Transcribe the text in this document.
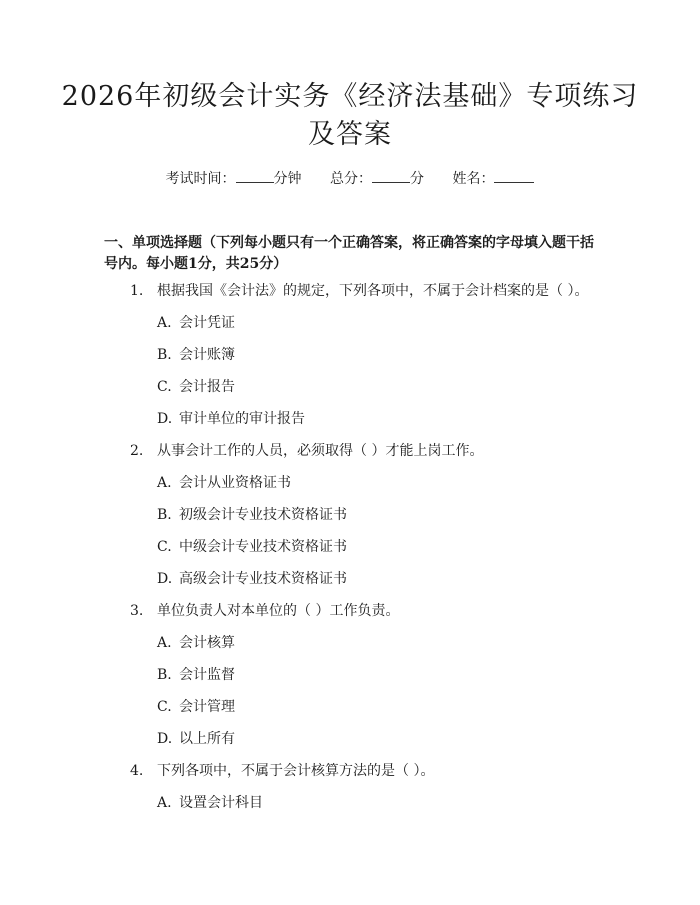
2026年初级会计实务《经济法基础》专项练习及答案
考试时间：	分钟 总分：	分 姓名：

一、单项选择题（下列每小题只有一个正确答案，将正确答案的字母填入题干括号内。每小题1分，共25分）

1. 根据我国《会计法》的规定，下列各项中，不属于会计档案的是（ ）。
A. 会计凭证
B. 会计账簿
C. 会计报告
D. 审计单位的审计报告
2. 从事会计工作的人员，必须取得（ ）才能上岗工作。
A. 会计从业资格证书
B. 初级会计专业技术资格证书
C. 中级会计专业技术资格证书
D. 高级会计专业技术资格证书
3. 单位负责人对本单位的（ ）工作负责。
A. 会计核算
B. 会计监督
C. 会计管理
D. 以上所有
4. 下列各项中，不属于会计核算方法的是（ ）。
A. 设置会计科目
